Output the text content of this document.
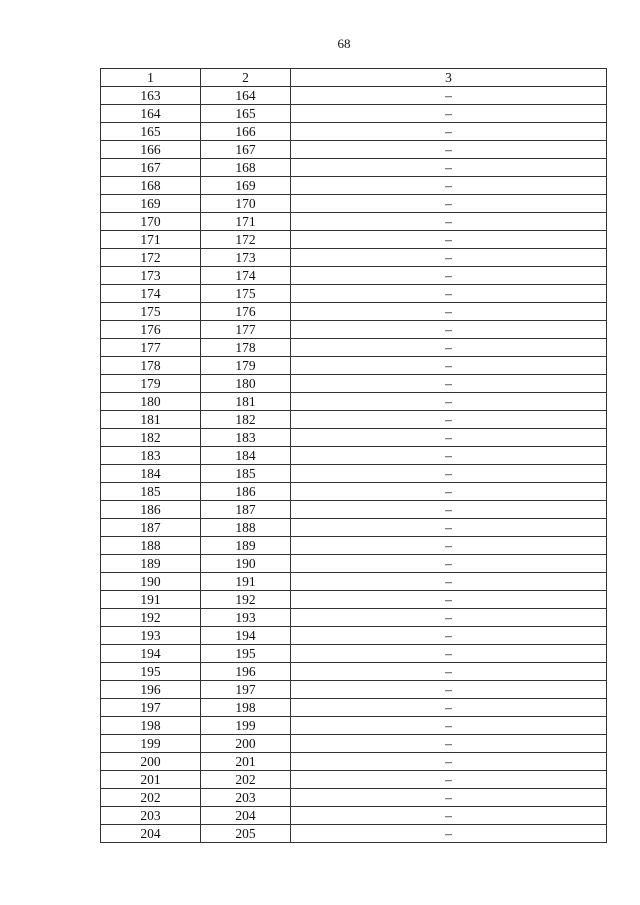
68
1	2	3
163	164	–
164	165	–
165	166	–
166	167	–
167	168	–
168	169	–
169	170	–
170	171	–
171	172	–
172	173	–
173	174	–
174	175	–
175	176	–
176	177	–
177	178	–
178	179	–
179	180	–
180	181	–
181	182	–
182	183	–
183	184	–
184	185	–
185	186	–
186	187	–
187	188	–
188	189	–
189	190	–
190	191	–
191	192	–
192	193	–
193	194	–
194	195	–
195	196	–
196	197	–
197	198	–
198	199	–
199	200	–
200	201	–
201	202	–
202	203	–
203	204	–
204	205	–
